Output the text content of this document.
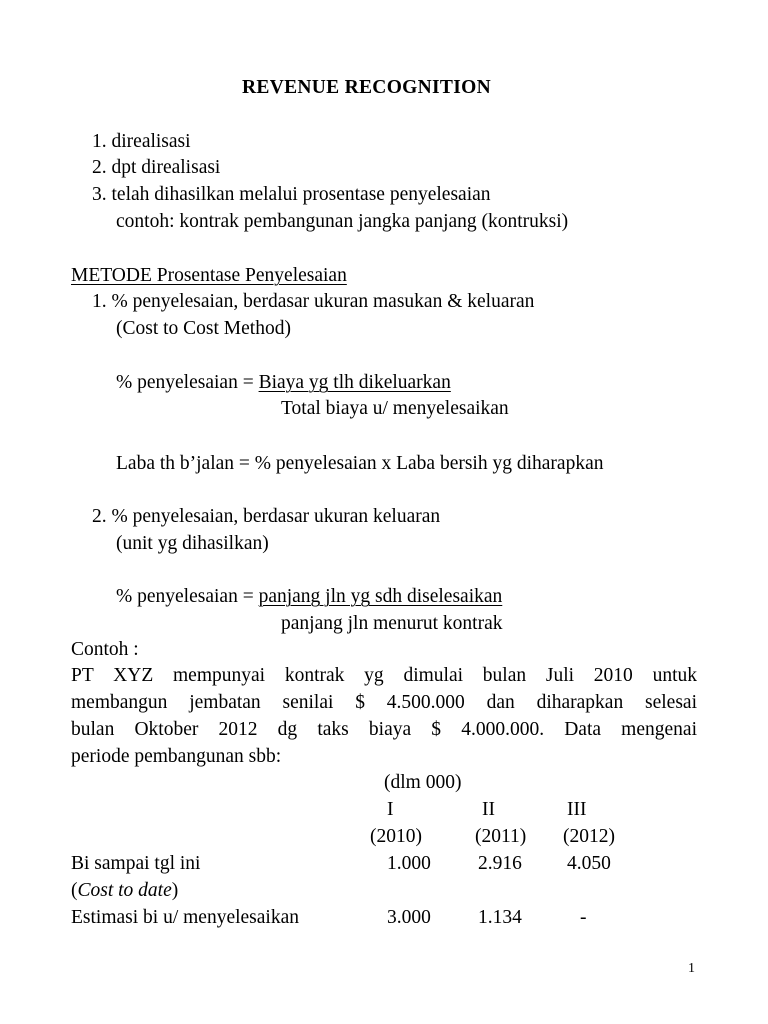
REVENUE RECOGNITION
1. direalisasi
2. dpt direalisasi
3. telah dihasilkan melalui prosentase penyelesaian
contoh: kontrak pembangunan jangka panjang (kontruksi)
METODE Prosentase Penyelesaian
1. % penyelesaian, berdasar ukuran masukan & keluaran
(Cost to Cost Method)
% penyelesaian = Biaya yg tlh dikeluarkan
Total biaya u/ menyelesaikan
Laba th b’jalan = % penyelesaian x Laba bersih yg diharapkan
2. % penyelesaian, berdasar ukuran keluaran
(unit yg dihasilkan)
% penyelesaian = panjang jln yg sdh diselesaikan
panjang jln menurut kontrak
Contoh :
PT XYZ mempunyai kontrak yg dimulai bulan Juli 2010 untuk
membangun jembatan senilai $ 4.500.000 dan diharapkan selesai
bulan Oktober 2012 dg taks biaya $ 4.000.000. Data mengenai
periode pembangunan sbb:
(dlm 000)
I	II	III
(2010)	(2011) (2012)
Bi sampai tgl ini	1.000 2.916 4.050
(Cost to date)
Estimasi bi u/ menyelesaikan	3.000 1.134	-
1
